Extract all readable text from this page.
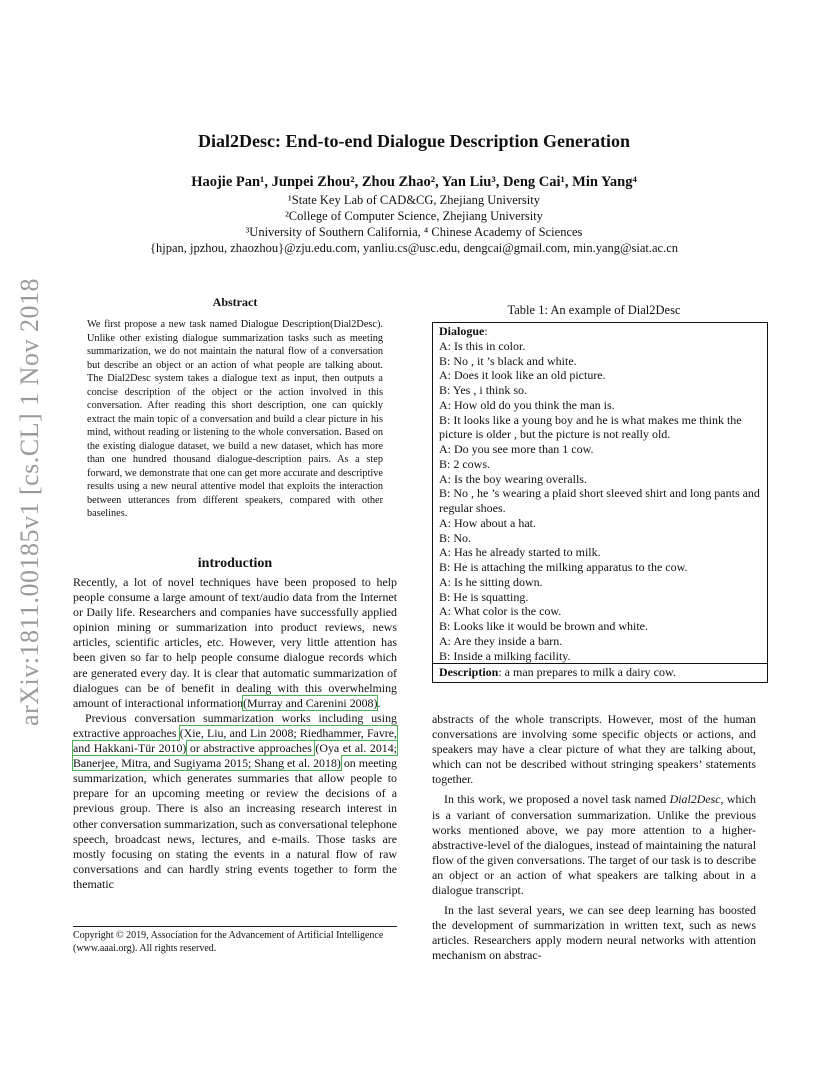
Dial2Desc: End-to-end Dialogue Description Generation
Haojie Pan¹, Junpei Zhou², Zhou Zhao², Yan Liu³, Deng Cai¹, Min Yang⁴
¹State Key Lab of CAD&CG, Zhejiang University
²College of Computer Science, Zhejiang University
³University of Southern California, ⁴ Chinese Academy of Sciences
{hjpan, jpzhou, zhaozhou}@zju.edu.com, yanliu.cs@usc.edu, dengcai@gmail.com, min.yang@siat.ac.cn
arXiv:1811.00185v1 [cs.CL] 1 Nov 2018	Abstract
We first propose a new task named Dialogue Description(Dial2Desc). Unlike other existing dialogue summarization tasks such as meeting summarization, we do not maintain the natural flow of a conversation but describe an object or an action of what people are talking about. The Dial2Desc system takes a dialogue text as input, then outputs a concise description of the object or the action involved in this conversation. After reading this short description, one can quickly extract the main topic of a conversation and build a clear picture in his mind, without reading or listening to the whole conversation. Based on the existing dialogue dataset, we build a new dataset, which has more than one hundred thousand dialogue-description pairs. As a step forward, we demonstrate that one can get more accurate and descriptive results using a new neural attentive model that exploits the interaction between utterances from different speakers, compared with other baselines.
introduction

Recently, a lot of novel techniques have been proposed to help people consume a large amount of text/audio data from the Internet or Daily life. Researchers and companies have successfully applied opinion mining or summarization into product reviews, news articles, scientific articles, etc. However, very little attention has been given so far to help people consume dialogue records which are generated every day. It is clear that automatic summarization of dialogues can be of benefit in dealing with this overwhelming amount of interactional information(Murray and Carenini 2008).

Previous conversation summarization works including using extractive approaches (Xie, Liu, and Lin 2008; Riedhammer, Favre, and Hakkani-Tür 2010) or abstractive approaches (Oya et al. 2014; Banerjee, Mitra, and Sugiyama 2015; Shang et al. 2018) on meeting summarization, which generates summaries that allow people to prepare for an upcoming meeting or review the decisions of a previous group. There is also an increasing research interest in other conversation summarization, such as conversational telephone speech, broadcast news, lectures, and e-mails. Those tasks are mostly focusing on stating the events in a natural flow of raw conversations and can hardly string events together to form the thematic

Copyright © 2019, Association for the Advancement of Artificial Intelligence (www.aaai.org). All rights reserved.
Table 1: An example of Dial2Desc
Dialogue:
A: Is this in color.
B: No , it ’s black and white.
A: Does it look like an old picture.
B: Yes , i think so.
A: How old do you think the man is.
B: It looks like a young boy and he is what makes me think the picture is older , but the picture is not really old.
A: Do you see more than 1 cow.
B: 2 cows.
A: Is the boy wearing overalls.
B: No , he ’s wearing a plaid short sleeved shirt and long pants and regular shoes.
A: How about a hat.
B: No.
A: Has he already started to milk.
B: He is attaching the milking apparatus to the cow.
A: Is he sitting down.
B: He is squatting.
A: What color is the cow.
B: Looks like it would be brown and white.
A: Are they inside a barn.
B: Inside a milking facility.
Description: a man prepares to milk a dairy cow.

abstracts of the whole transcripts. However, most of the human conversations are involving some specific objects or actions, and speakers may have a clear picture of what they are talking about, which can not be described without stringing speakers’ statements together.

In this work, we proposed a novel task named Dial2Desc, which is a variant of conversation summarization. Unlike the previous works mentioned above, we pay more attention to a higher-abstractive-level of the dialogues, instead of maintaining the natural flow of the given conversations. The target of our task is to describe an object or an action of what speakers are talking about in a dialogue transcript.

In the last several years, we can see deep learning has boosted the development of summarization in written text, such as news articles. Researchers apply modern neural networks with attention mechanism on abstrac-
